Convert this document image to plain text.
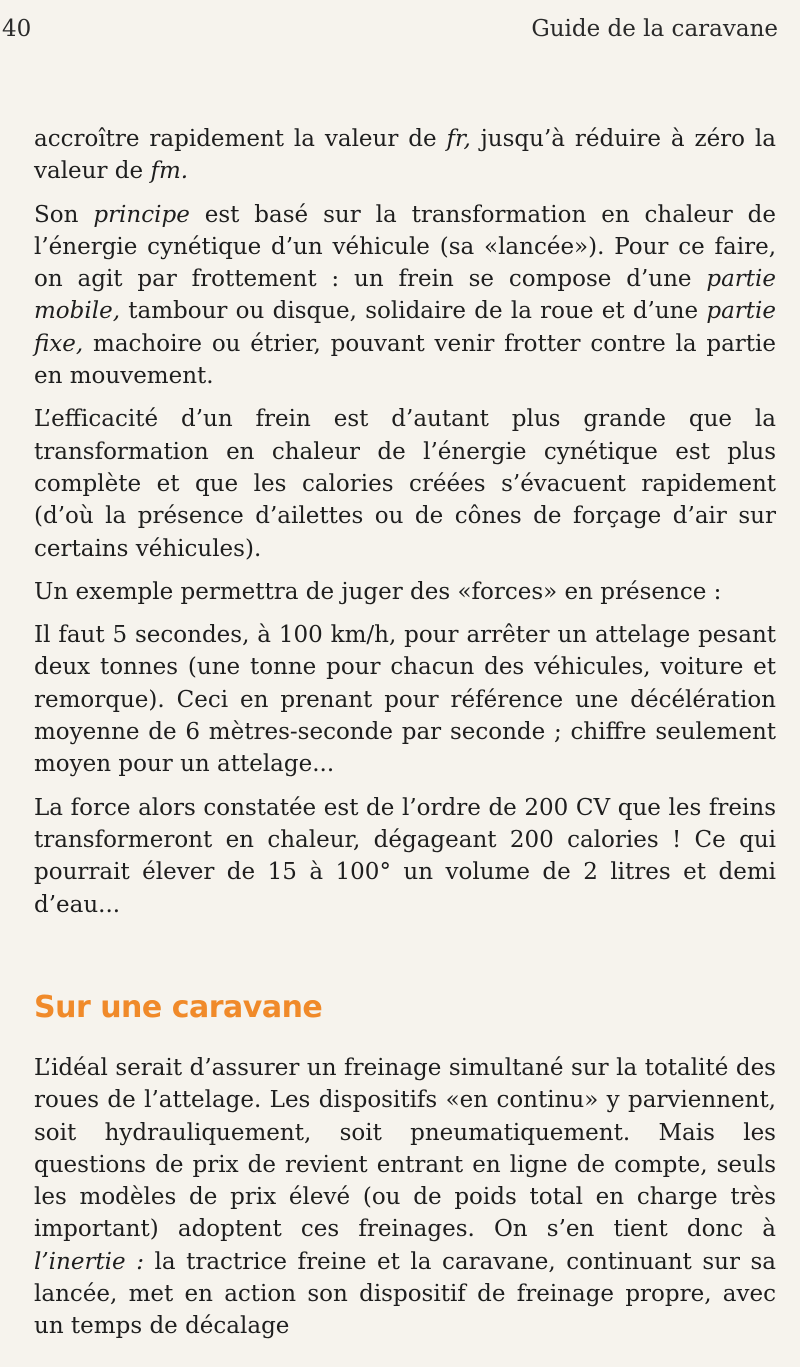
40	Guide de la caravane

accroître rapidement la valeur de fr, jusqu’à réduire à zéro la valeur de fm.

Son principe est basé sur la transformation en chaleur de l’énergie cynétique d’un véhicule (sa «lancée»). Pour ce faire, on agit par frottement : un frein se compose d’une partie mobile, tambour ou disque, solidaire de la roue et d’une partie fixe, machoire ou étrier, pouvant venir frotter contre la partie en mouvement.

L’efficacité d’un frein est d’autant plus grande que la transformation en chaleur de l’énergie cynétique est plus complète et que les calories créées s’évacuent rapidement (d’où la présence d’ailettes ou de cônes de forçage d’air sur certains véhicules).

Un exemple permettra de juger des «forces» en présence :

Il faut 5 secondes, à 100 km/h, pour arrêter un attelage pesant deux tonnes (une tonne pour chacun des véhicules, voiture et remorque). Ceci en prenant pour référence une décélération moyenne de 6 mètres-seconde par seconde ; chiffre seulement moyen pour un attelage...

La force alors constatée est de l’ordre de 200 CV que les freins transformeront en chaleur, dégageant 200 calories ! Ce qui pourrait élever de 15 à 100° un volume de 2 litres et demi d’eau...

Sur une caravane

L’idéal serait d’assurer un freinage simultané sur la totalité des roues de l’attelage. Les dispositifs «en continu» y parviennent, soit hydrauliquement, soit pneumatiquement. Mais les questions de prix de revient entrant en ligne de compte, seuls les modèles de prix élevé (ou de poids total en charge très important) adoptent ces freinages. On s’en tient donc à l’inertie : la tractrice freine et la caravane, continuant sur sa lancée, met en action son dispositif de freinage propre, avec un temps de décalage
